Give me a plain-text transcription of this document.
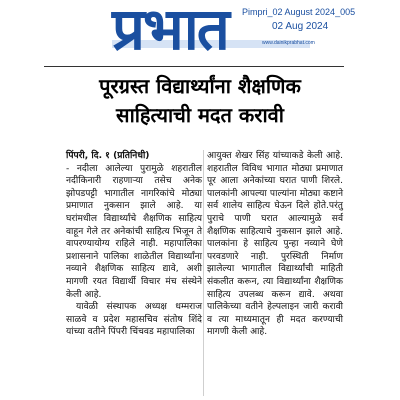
प्रभात	www.dainikprabhat.com
Pimpri_02 August 2024_005
02 Aug 2024
पूरग्रस्त विद्यार्थ्यांना शैक्षणिक
साहित्याची मदत करावी

पिंपरी, दि. १ (प्रतिनिधी)

- नदीला आलेल्या पुरामुळे शहरातील नदीकिनारी राहणाऱ्या तसेच अनेक झोपडपट्टी भागातील नागरिकांचे मोठ्या प्रमाणात नुकसान झाले आहे. या घरांमधील विद्यार्थ्यांचे शैक्षणिक साहित्य वाहून गेले तर अनेकांची साहित्य भिजून ते वापरण्यायोग्य राहिले नाही. महापालिका प्रशासनाने पालिका शाळेतील विद्यार्थ्यांना नव्याने शैक्षणिक साहित्य द्यावे, अशी मागणी रयत विद्यार्थी विचार मंच संस्थेने केली आहे.

यावेळी संस्थापक अध्यक्ष धम्मराज साळवे व प्रदेश महासचिव संतोष शिंदे यांच्या वतीने पिंपरी चिंचवड महापालिका

आयुक्त शेखर सिंह यांच्याकडे केली आहे. शहरातील विविध भागात मोठ्या प्रमाणात पूर आला अनेकांच्या घरात पाणी शिरले. पालकांनी आपल्या पाल्यांना मोठ्या कष्टाने सर्व शालेय साहित्य घेऊन दिले होते.परंतु पुराचे पाणी घरात आल्यामुळे सर्व शैक्षणिक साहित्याचे नुकसान झाले आहे. पालकांना हे साहित्य पुन्हा नव्याने घेणे परवडणारे नाही. पुरस्थिती निर्माण झालेल्या भागातील विद्यार्थ्यांची माहिती संकलीत करून, त्या विद्यार्थ्यांना शैक्षणिक साहित्य उपलब्ध करून द्यावे. अथवा पालिकेच्या वतीने हेल्पलाइन जारी करावी व त्या माध्यमातून ही मदत करण्याची मागणी केली आहे.
